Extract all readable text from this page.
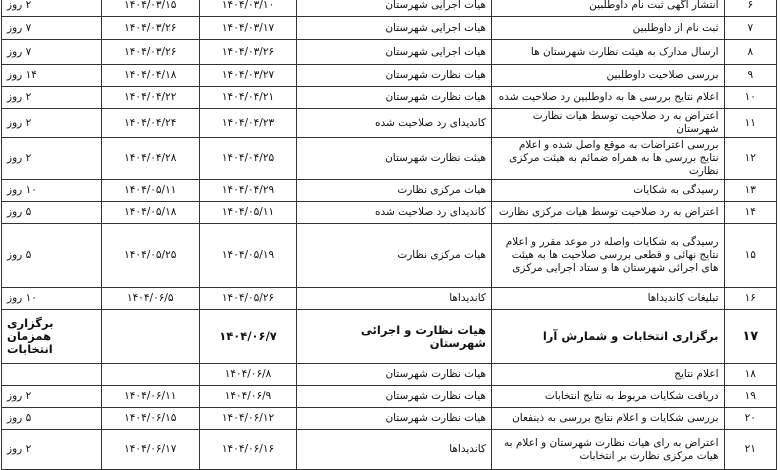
۶	انتشار آگهی ثبت نام داوطلبین	هیات اجرایی شهرستان	۱۴۰۴/۰۳/۱۰	۱۴۰۴/۰۳/۱۵	۲ روز
۷	ثبت نام از داوطلبین	هیات اجرایی شهرستان	۱۴۰۴/۰۳/۱۷	۱۴۰۴/۰۳/۲۶	۷ روز
۸	ارسال مدارک به هیئت نظارت شهرستان ها	هیات اجرایی شهرستان	۱۴۰۴/۰۳/۲۶	۱۴۰۴/۰۳/۲۶	۷ روز
۹	بررسی صلاحیت داوطلبین	هیات نظارت شهرستان	۱۴۰۴/۰۳/۲۷	۱۴۰۴/۰۴/۱۸	۱۴ روز
۱۰	اعلام نتایج بررسی ها به داوطلبین رد صلاحیت شده	هیات نظارت شهرستان	۱۴۰۴/۰۴/۲۱	۱۴۰۴/۰۴/۲۲	۲ روز
۱۱	اعتراض به رد صلاحیت توسط هیات نظارت شهرستان	کاندیدای رد صلاحیت شده	۱۴۰۴/۰۴/۲۳	۱۴۰۴/۰۴/۲۴	۲ روز
۱۲	بررسی اعتراضات به موقع واصل شده و اعلام نتایج بررسی ها به همراه ضمائم به هیئت مرکزی نظارت	هیئت نظارت شهرستان	۱۴۰۴/۰۴/۲۵	۱۴۰۴/۰۴/۲۸	۲ روز
۱۳	رسیدگی به شکایات	هیات مرکزی نظارت	۱۴۰۴/۰۴/۲۹	۱۴۰۴/۰۵/۱۱	۱۰ روز
۱۴	اعتراض به رد صلاحیت توسط هیات مرکزی نظارت	کاندیدای رد صلاحیت شده	۱۴۰۴/۰۵/۱۱	۱۴۰۴/۰۵/۱۸	۵ روز
۱۵	رسیدگی به شکایات واصله در موعد مقرر و اعلام نتایج نهائی و قطعی بررسی صلاحیت ها به هیئت های اجرائی شهرستان ها و ستاد اجرایی مرکزی	هیات مرکزی نظارت	۱۴۰۴/۰۵/۱۹	۱۴۰۴/۰۵/۲۵	۵ روز
۱۶	تبلیغات کاندیداها	کاندیداها	۱۴۰۴/۰۵/۲۶	۱۴۰۴/۰۶/۵	۱۰ روز
۱۷	برگزاری انتخابات و شمارش آرا	هیات نظارت و اجرائی شهرستان	۱۴۰۴/۰۶/۷		برگزاری همزمان انتخابات
۱۸	اعلام نتایج	هیات نظارت شهرستان	۱۴۰۴/۰۶/۸		
۱۹	دریافت شکایات مربوط به نتایج انتخابات	هیات نظارت شهرستان	۱۴۰۴/۰۶/۹	۱۴۰۴/۰۶/۱۱	۲ روز
۲۰	بررسی شکایات و اعلام نتایج بررسی به ذینفعان	هیات نظارت شهرستان	۱۴۰۴/۰۶/۱۲	۱۴۰۴/۰۶/۱۵	۵ روز
۲۱	اعتراض به رای هیات نظارت شهرستان و اعلام به هیات مرکزی نظارت بر انتخابات	کاندیداها	۱۴۰۴/۰۶/۱۶	۱۴۰۴/۰۶/۱۷	۲ روز
